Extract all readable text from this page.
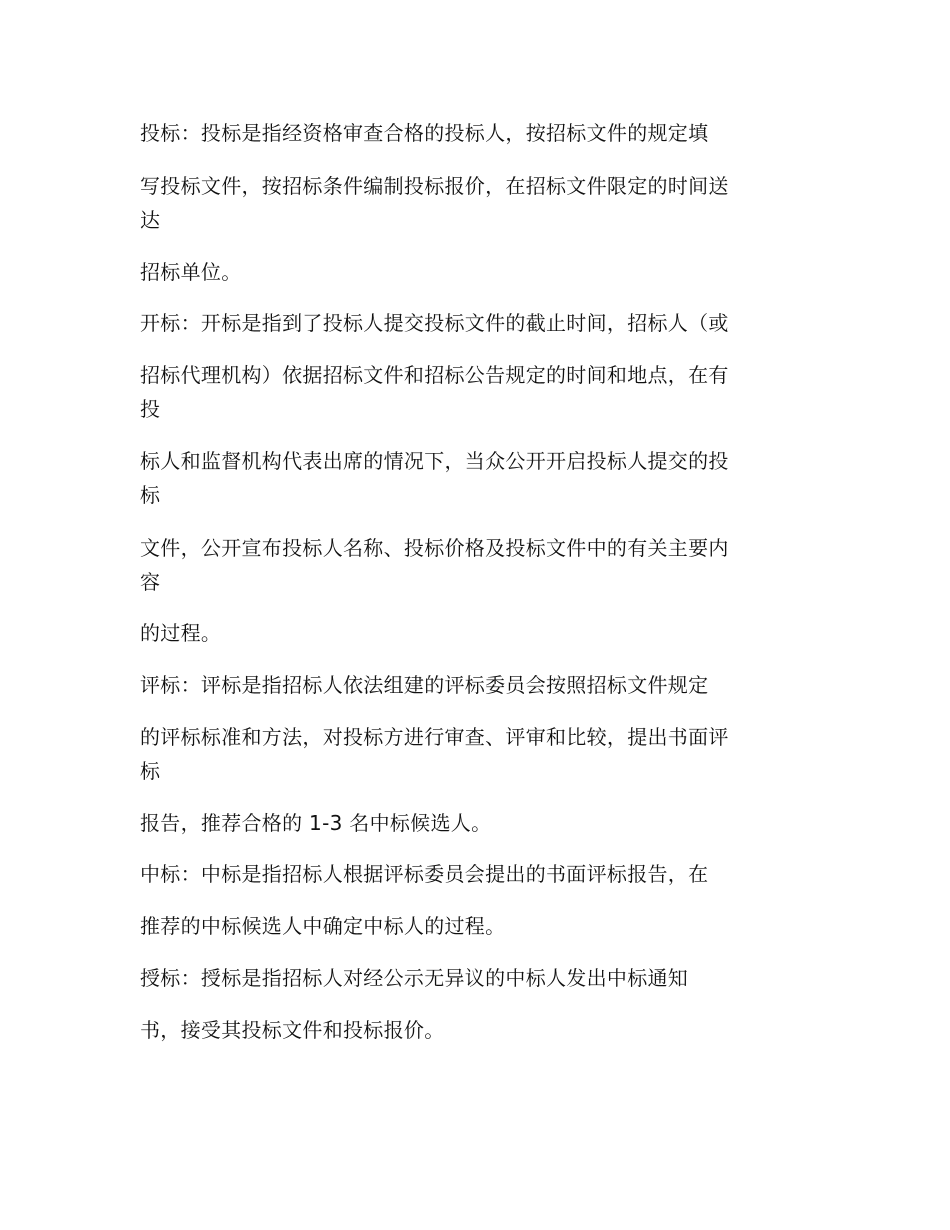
投标：投标是指经资格审查合格的投标人，按招标文件的规定填

写投标文件，按招标条件编制投标报价，在招标文件限定的时间送

达

招标单位。

开标：开标是指到了投标人提交投标文件的截止时间，招标人（或

招标代理机构）依据招标文件和招标公告规定的时间和地点，在有

投

标人和监督机构代表出席的情况下，当众公开开启投标人提交的投

标

文件，公开宣布投标人名称、投标价格及投标文件中的有关主要内

容

的过程。

评标：评标是指招标人依法组建的评标委员会按照招标文件规定

的评标标准和方法，对投标方进行审查、评审和比较，提出书面评

标

报告，推荐合格的 1-3 名中标候选人。

中标：中标是指招标人根据评标委员会提出的书面评标报告，在

推荐的中标候选人中确定中标人的过程。

授标：授标是指招标人对经公示无异议的中标人发出中标通知

书，接受其投标文件和投标报价。
